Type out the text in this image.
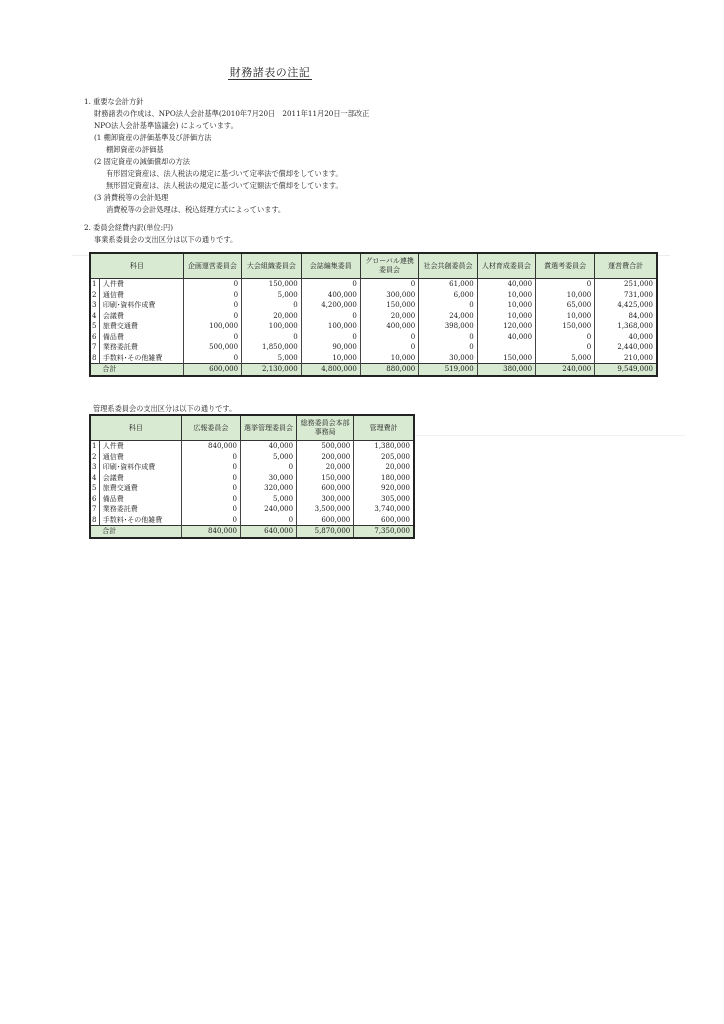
財務諸表の注記
1. 重要な会計方針
財務諸表の作成は、NPO法人会計基準(2010年7月20日　2011年11月20日一部改正
NPO法人会計基準協議会) によっています。
(1 棚卸資産の評価基準及び評価方法
棚卸資産の評価基
(2 固定資産の減価償却の方法
有形固定資産は、法人税法の規定に基づいて定率法で償却をしています。
無形固定資産は、法人税法の規定に基づいて定額法で償却をしています。
(3 消費税等の会計処理
消費税等の会計処理は、税込経理方式によっています。
2. 委員会経費内訳(単位:円)
事業系委員会の支出区分は以下の通りです。
科目		企画運営委員会	大会組織委員会	会誌編集委員	グローバル連携委員会	社会共創委員会	人材育成委員会	賞選考委員会	運営費合計
1	人件費	0	150,000	0	0	61,000	40,000	0	251,000
2	通信費	0	5,000	400,000	300,000	6,000	10,000	10,000	731,000
3	印刷･資料作成費	0	0	4,200,000	150,000	0	10,000	65,000	4,425,000
4	会議費	0	20,000	0	20,000	24,000	10,000	10,000	84,000
5	旅費交通費	100,000	100,000	100,000	400,000	398,000	120,000	150,000	1,368,000
6	備品費	0	0	0	0	0	40,000	0	40,000
7	業務委託費	500,000	1,850,000	90,000	0	0		0	2,440,000
8	手数料･その他雑費	0	5,000	10,000	10,000	30,000	150,000	5,000	210,000
	合計	600,000	2,130,000	4,800,000	880,000	519,000	380,000	240,000	9,549,000
管理系委員会の支出区分は以下の通りです。
科目		広報委員会	選挙管理委員会	総務委員会本部事務局	管理費計
1	人件費	840,000	40,000	500,000	1,380,000
2	通信費	0	5,000	200,000	205,000
3	印刷･資料作成費	0	0	20,000	20,000
4	会議費	0	30,000	150,000	180,000
5	旅費交通費	0	320,000	600,000	920,000
6	備品費	0	5,000	300,000	305,000
7	業務委託費	0	240,000	3,500,000	3,740,000
8	手数料･その他雑費	0	0	600,000	600,000
	合計	840,000	640,000	5,870,000	7,350,000
